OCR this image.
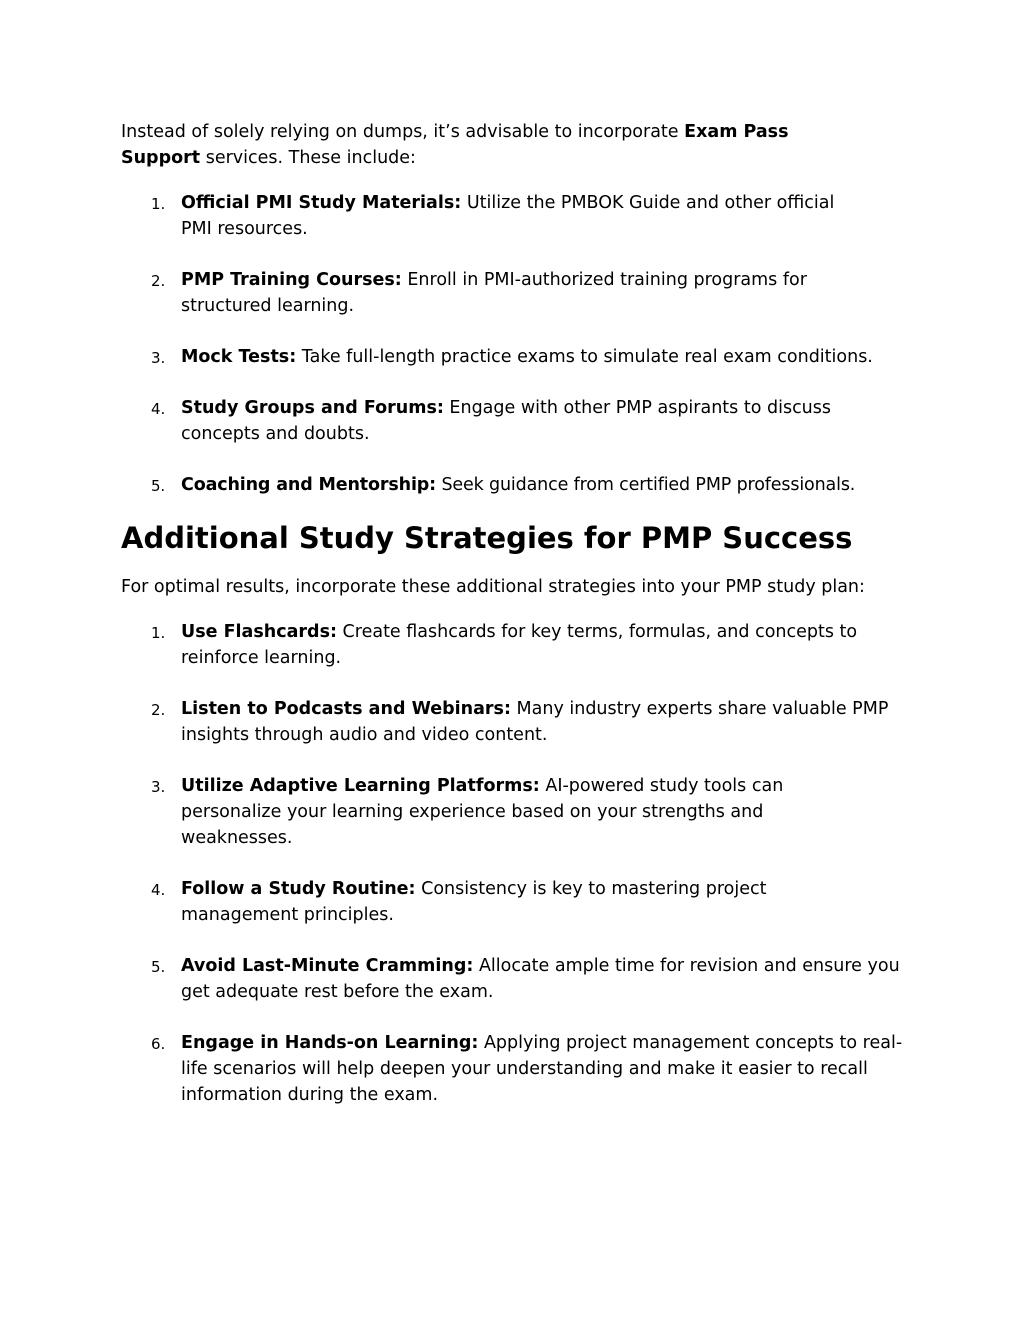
Instead of solely relying on dumps, it’s advisable to incorporate Exam Pass Support services. These include:

1. Official PMI Study Materials: Utilize the PMBOK Guide and other official PMI resources.
2. PMP Training Courses: Enroll in PMI-authorized training programs for structured learning.
3. Mock Tests: Take full-length practice exams to simulate real exam conditions.
4. Study Groups and Forums: Engage with other PMP aspirants to discuss concepts and doubts.
5. Coaching and Mentorship: Seek guidance from certified PMP professionals.
Additional Study Strategies for PMP Success

For optimal results, incorporate these additional strategies into your PMP study plan:

1. Use Flashcards: Create flashcards for key terms, formulas, and concepts to reinforce learning.
2. Listen to Podcasts and Webinars: Many industry experts share valuable PMP insights through audio and video content.
3. Utilize Adaptive Learning Platforms: AI-powered study tools can personalize your learning experience based on your strengths and weaknesses.
4. Follow a Study Routine: Consistency is key to mastering project management principles.
5. Avoid Last-Minute Cramming: Allocate ample time for revision and ensure you get adequate rest before the exam.
6. Engage in Hands-on Learning: Applying project management concepts to real-life scenarios will help deepen your understanding and make it easier to recall information during the exam.
